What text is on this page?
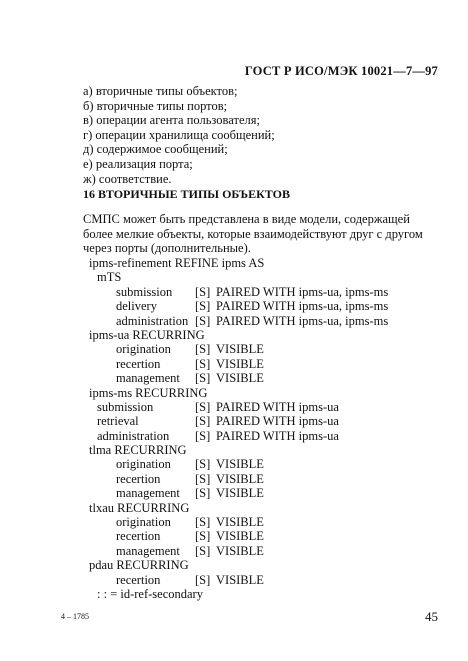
ГОСТ Р ИСО/МЭК 10021—7—97
а) вторичные типы объектов;
б) вторичные типы портов;
в) операции агента пользователя;
г) операции хранилища сообщений;
д) содержимое сообщений;
е) реализация порта;
ж) соответствие.
16 ВТОРИЧНЫЕ ТИПЫ ОБЪЕКТОВ
СМПС может быть представлена в виде модели, содержащей более мелкие объекты, которые взаимодействуют друг с другом через порты (дополнительные).
ipms-refinement REFINE ipms AS
mTS
submission [S] PAIRED WITH ipms-ua, ipms-ms
delivery	[S] PAIRED WITH ipms-ua, ipms-ms
administration [S] PAIRED WITH ipms-ua, ipms-ms
ipms-ua RECURRING
origination [S] VISIBLE
recertion	[S] VISIBLE
management [S] VISIBLE
ipms-ms RECURRING
submission	[S] PAIRED WITH ipms-ua
retrieval	[S] PAIRED WITH ipms-ua
administration [S] PAIRED WITH ipms-ua
tlma RECURRING
origination [S] VISIBLE
recertion	[S] VISIBLE
management [S] VISIBLE
tlxau RECURRING
origination [S] VISIBLE
recertion	[S] VISIBLE
management [S] VISIBLE
pdau RECURRING
recertion	[S] VISIBLE
: : = id-ref-secondary
4 – 1785	45
